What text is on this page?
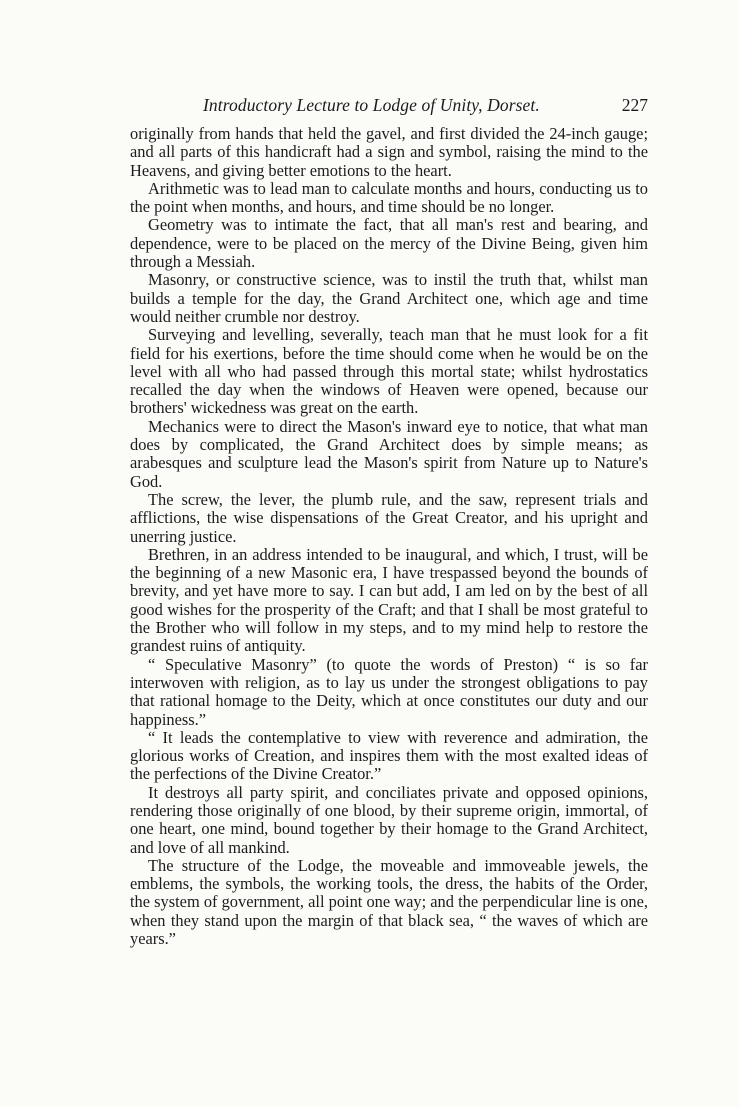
Introductory Lecture to Lodge of Unity, Dorset.	227

originally from hands that held the gavel, and first divided the 24-inch gauge; and all parts of this handicraft had a sign and symbol, raising the mind to the Heavens, and giving better emotions to the heart.

Arithmetic was to lead man to calculate months and hours, conducting us to the point when months, and hours, and time should be no longer.

Geometry was to intimate the fact, that all man's rest and bearing, and dependence, were to be placed on the mercy of the Divine Being, given him through a Messiah.

Masonry, or constructive science, was to instil the truth that, whilst man builds a temple for the day, the Grand Architect one, which age and time would neither crumble nor destroy.

Surveying and levelling, severally, teach man that he must look for a fit field for his exertions, before the time should come when he would be on the level with all who had passed through this mortal state; whilst hydrostatics recalled the day when the windows of Heaven were opened, because our brothers' wickedness was great on the earth.

Mechanics were to direct the Mason's inward eye to notice, that what man does by complicated, the Grand Architect does by simple means; as arabesques and sculpture lead the Mason's spirit from Nature up to Nature's God.

The screw, the lever, the plumb rule, and the saw, represent trials and afflictions, the wise dispensations of the Great Creator, and his upright and unerring justice.

Brethren, in an address intended to be inaugural, and which, I trust, will be the beginning of a new Masonic era, I have trespassed beyond the bounds of brevity, and yet have more to say. I can but add, I am led on by the best of all good wishes for the prosperity of the Craft; and that I shall be most grateful to the Brother who will follow in my steps, and to my mind help to restore the grandest ruins of antiquity.

“ Speculative Masonry” (to quote the words of Preston) “ is so far interwoven with religion, as to lay us under the strongest obligations to pay that rational homage to the Deity, which at once constitutes our duty and our happiness.”

“ It leads the contemplative to view with reverence and admiration, the glorious works of Creation, and inspires them with the most exalted ideas of the perfections of the Divine Creator.”

It destroys all party spirit, and conciliates private and opposed opinions, rendering those originally of one blood, by their supreme origin, immortal, of one heart, one mind, bound together by their homage to the Grand Architect, and love of all mankind.

The structure of the Lodge, the moveable and immoveable jewels, the emblems, the symbols, the working tools, the dress, the habits of the Order, the system of government, all point one way; and the perpendicular line is one, when they stand upon the margin of that black sea, “ the waves of which are years.”
